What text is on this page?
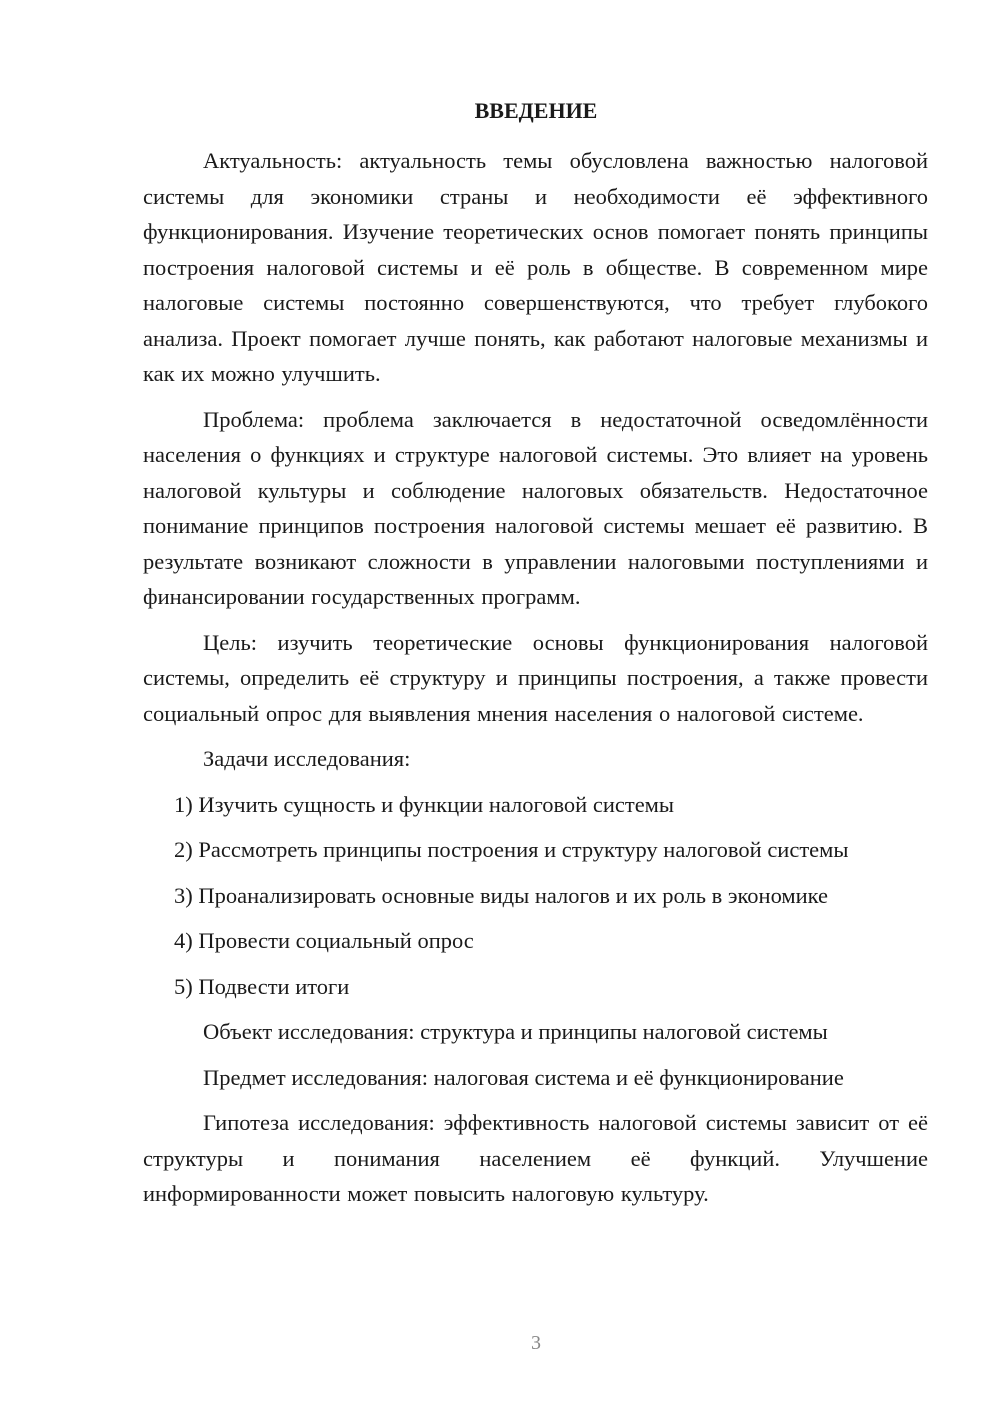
ВВЕДЕНИЕ

Актуальность: актуальность темы обусловлена важностью налоговой системы для экономики страны и необходимости её эффективного функционирования. Изучение теоретических основ помогает понять принципы построения налоговой системы и её роль в обществе. В современном мире налоговые системы постоянно совершенствуются, что требует глубокого анализа. Проект помогает лучше понять, как работают налоговые механизмы и как их можно улучшить.

Проблема: проблема заключается в недостаточной осведомлённости населения о функциях и структуре налоговой системы. Это влияет на уровень налоговой культуры и соблюдение налоговых обязательств. Недостаточное понимание принципов построения налоговой системы мешает её развитию. В результате возникают сложности в управлении налоговыми поступлениями и финансировании государственных программ.

Цель: изучить теоретические основы функционирования налоговой системы, определить её структуру и принципы построения, а также провести социальный опрос для выявления мнения населения о налоговой системе.

Задачи исследования:

1) Изучить сущность и функции налоговой системы
2) Рассмотреть принципы построения и структуру налоговой системы
3) Проанализировать основные виды налогов и их роль в экономике
4) Провести социальный опрос
5) Подвести итоги

Объект исследования: структура и принципы налоговой системы

Предмет исследования: налоговая система и её функционирование

Гипотеза исследования: эффективность налоговой системы зависит от её структуры и понимания населением её функций. Улучшение информированности может повысить налоговую культуру.

3
